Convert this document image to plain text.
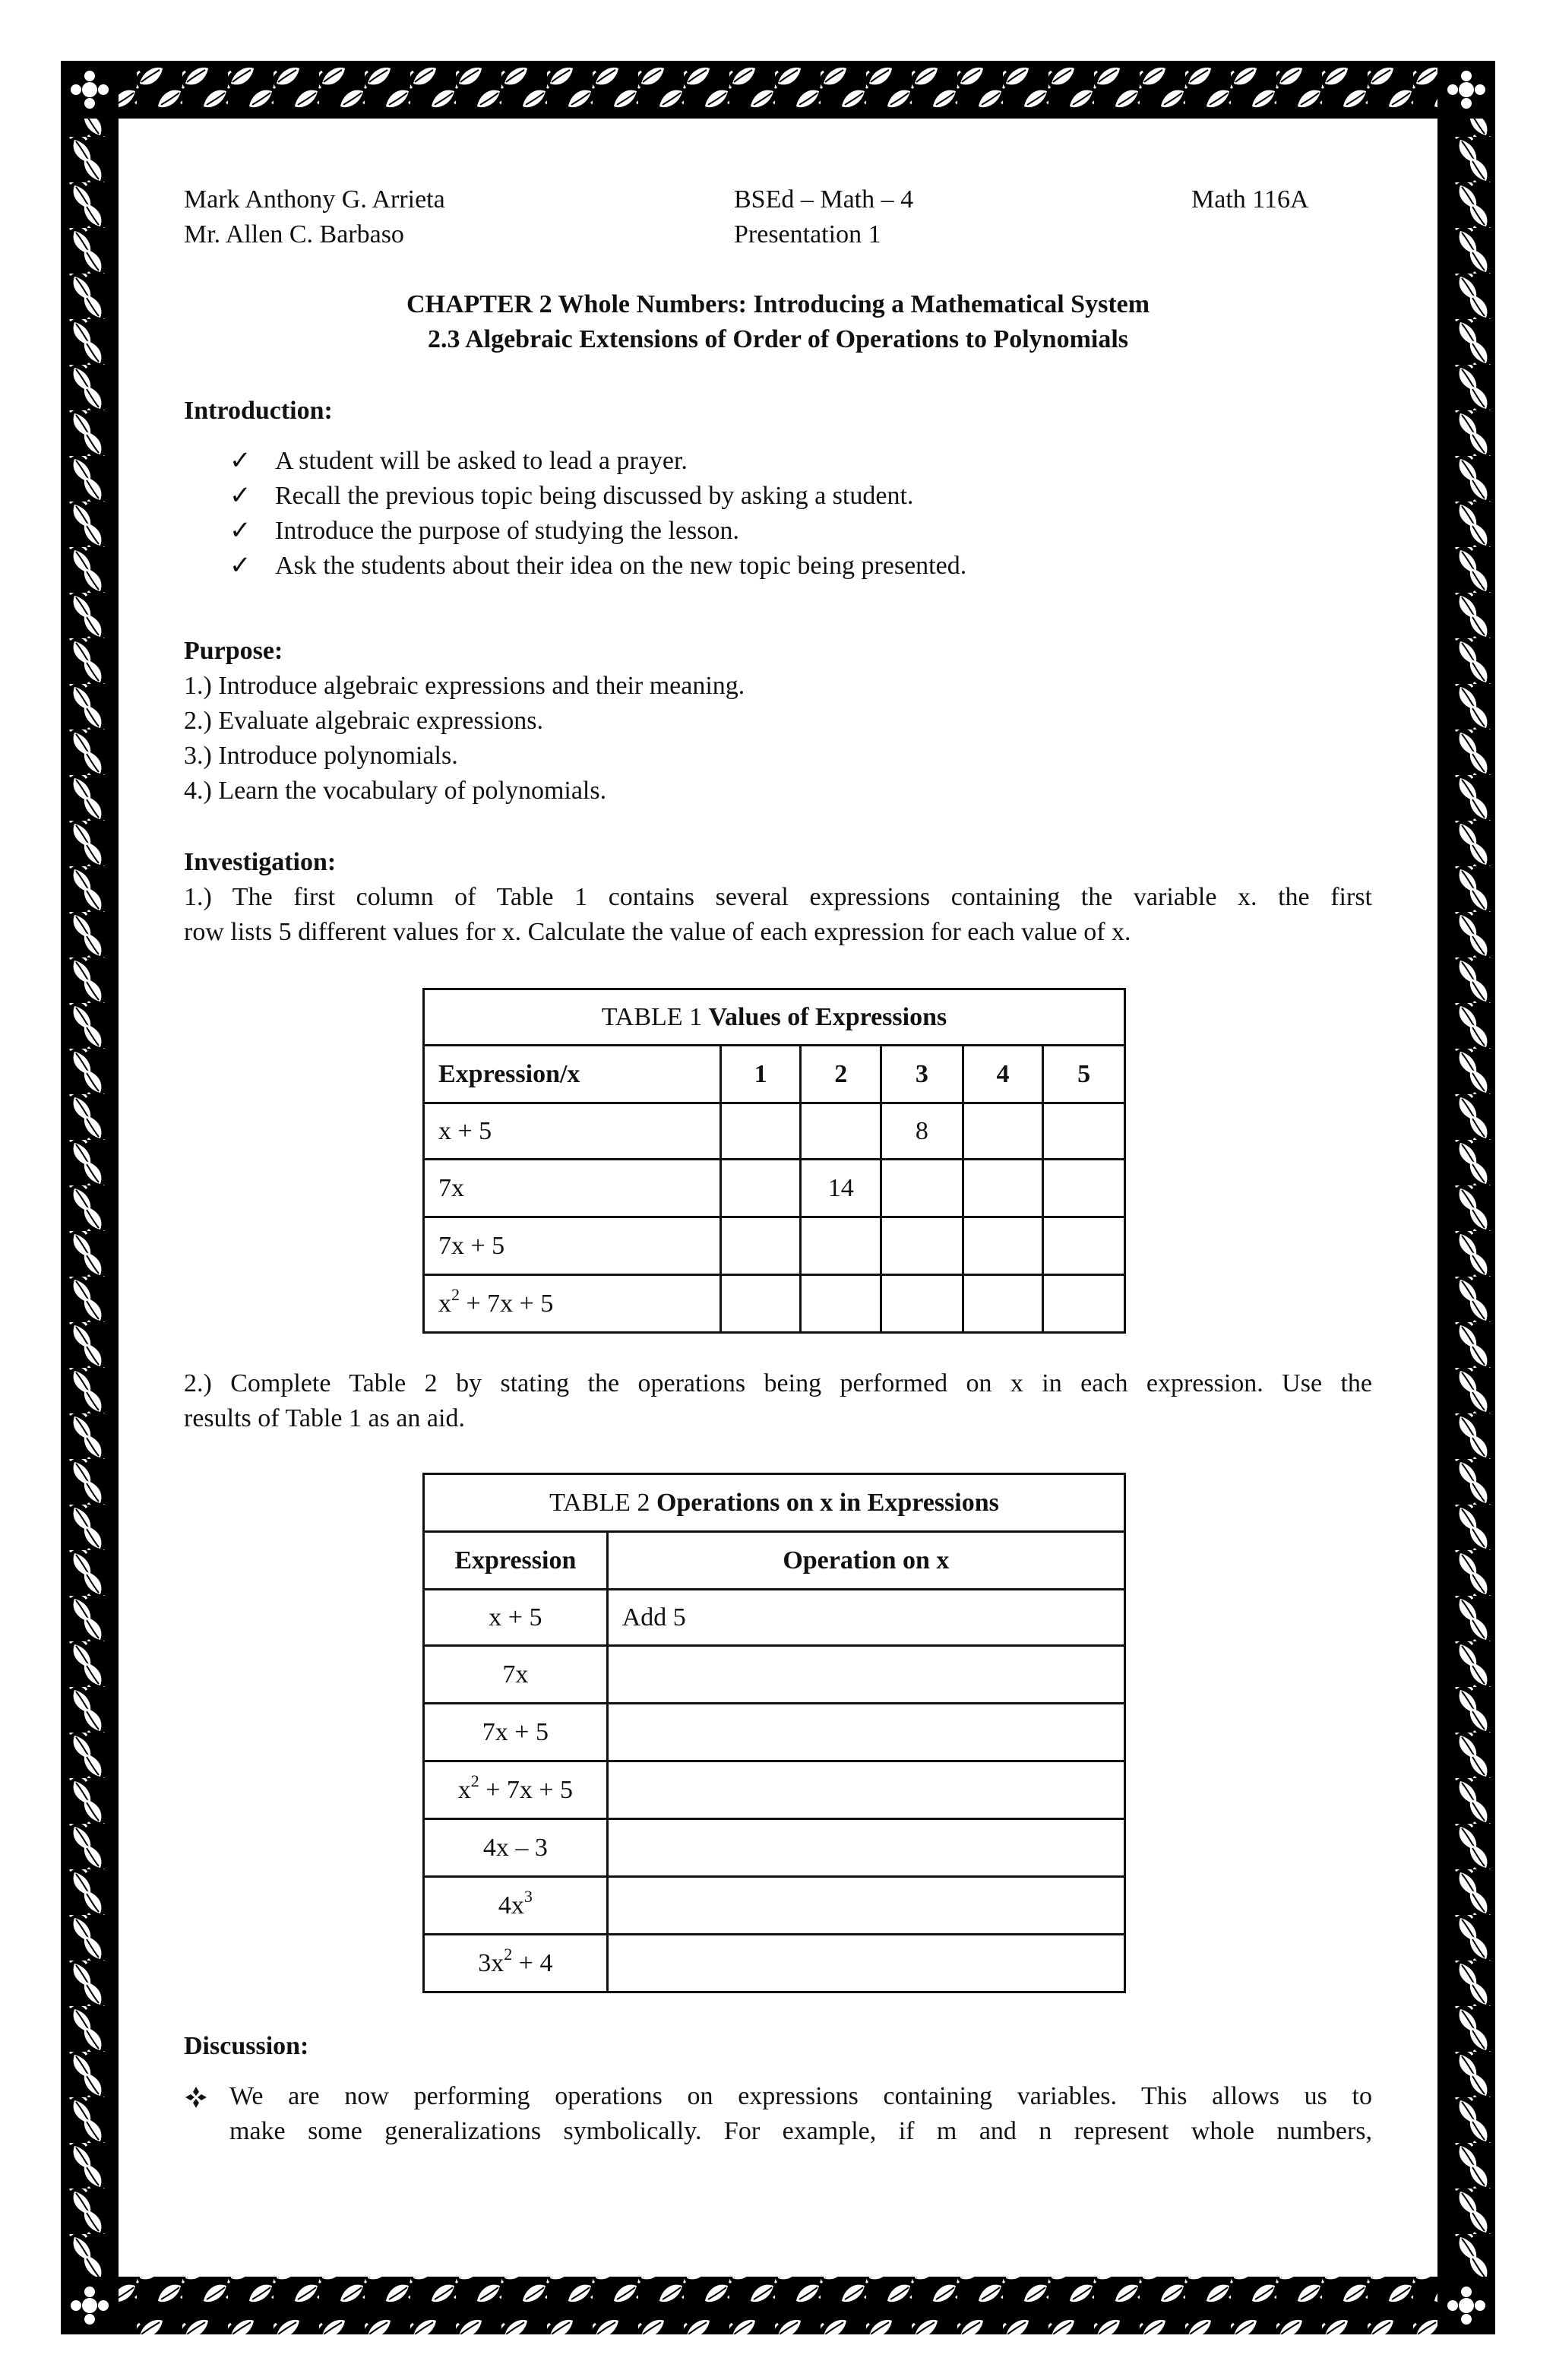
Mark Anthony G. Arrieta
Mr. Allen C. Barbaso
BSEd – Math – 4
Presentation 1
Math 116A
CHAPTER 2 Whole Numbers: Introducing a Mathematical System
2.3 Algebraic Extensions of Order of Operations to Polynomials
Introduction:
✓ A student will be asked to lead a prayer.
✓ Recall the previous topic being discussed by asking a student.
✓ Introduce the purpose of studying the lesson.
✓ Ask the students about their idea on the new topic being presented.
Purpose:
1.) Introduce algebraic expressions and their meaning.
2.) Evaluate algebraic expressions.
3.) Introduce polynomials.
4.) Learn the vocabulary of polynomials.
Investigation:
1.) The first column of Table 1 contains several expressions containing the variable x. the first
row lists 5 different values for x. Calculate the value of each expression for each value of x.
TABLE 1 Values of Expressions					
Expression/x	1	2	3	4	5
x + 5			8		
7x		14			
7x + 5					
$x^2 + 7x + 5$					
2.) Complete Table 2 by stating the operations being performed on x in each expression. Use the
results of Table 1 as an aid.
TABLE 2 Operations on x in Expressions	
Expression	Operation on x
x + 5	Add 5
7x	
7x + 5	
$x^2 + 7x + 5$	
4x – 3	
$4x^3$	
$3x^2 + 4$	
Discussion:
We are now performing operations on expressions containing variables. This allows us to
make some generalizations symbolically. For example, if m and n represent whole numbers,
